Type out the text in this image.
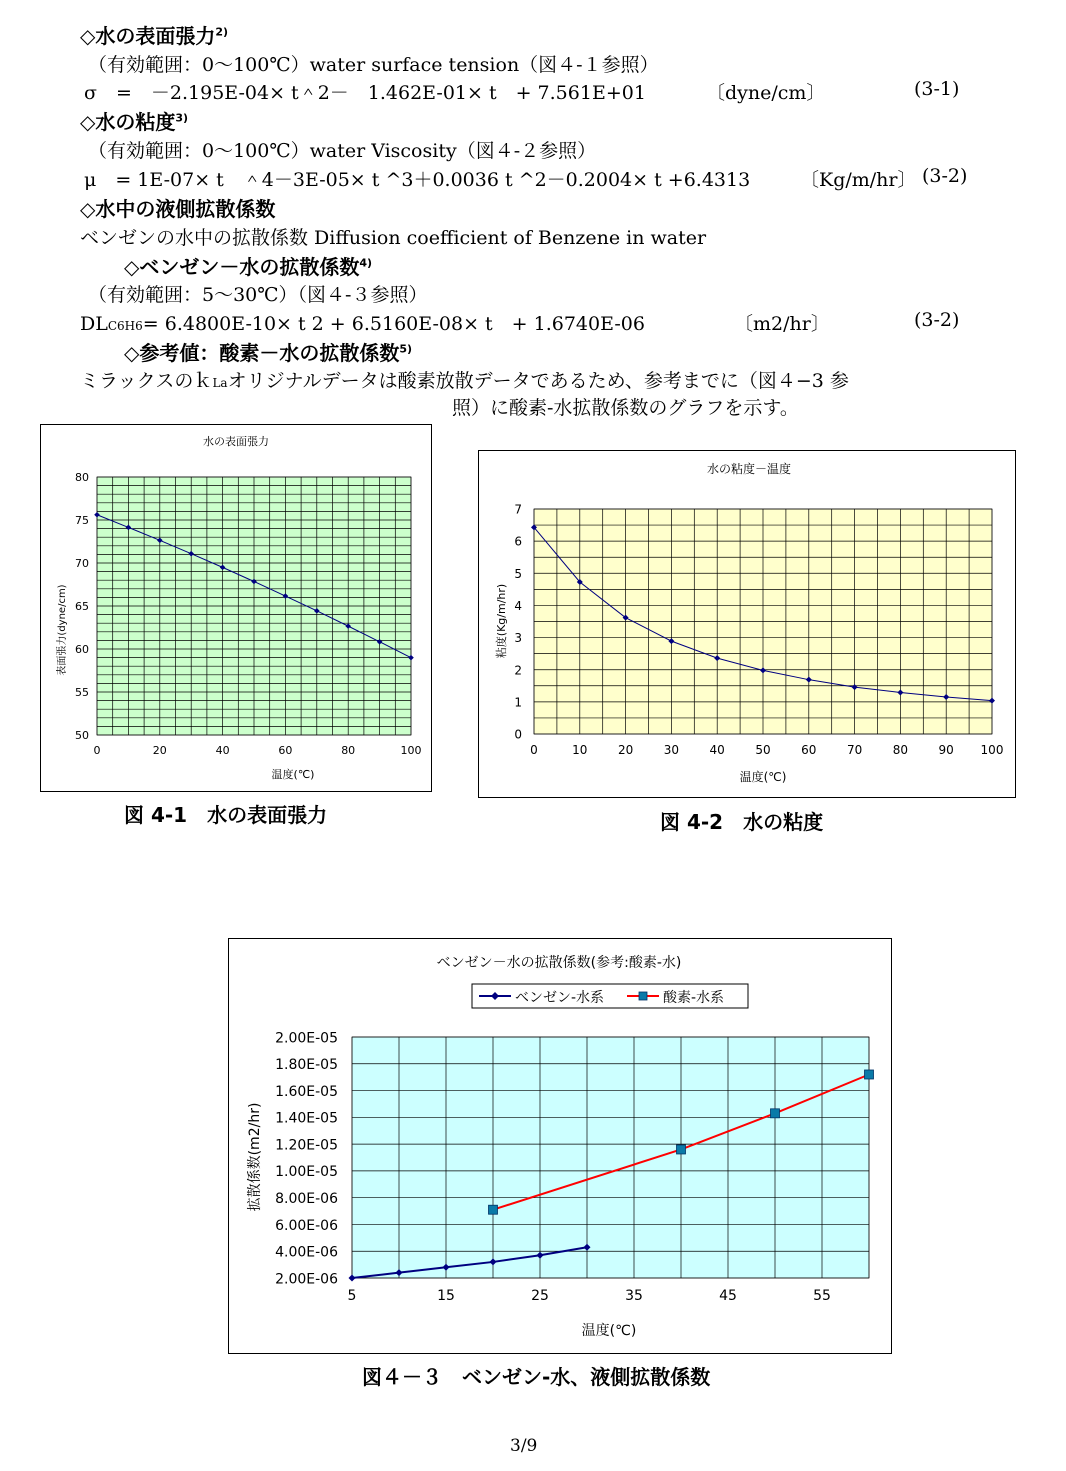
◇水の表面張力$^{2)}$
（有効範囲：0～100℃）water surface tension（図４-１参照）
σ　=　－2.195E-04× t＾2－　1.462E-01× t　+ 7.561E+01	〔dyne/cm〕	(3-1)
◇水の粘度$^{3)}$
（有効範囲：0～100℃）water Viscosity（図４-２参照）
μ　= 1E-07× t　＾4－3E-05× t ^3＋0.0036 t ^2－0.2004× t +6.4313	〔Kg/m/hr〕 (3-2)
◇水中の液側拡散係数
ベンゼンの水中の拡散係数 Diffusion coefficient of Benzene in water
◇ベンゼン－水の拡散係数$^{4)}$
（有効範囲：5～30℃）（図４-３参照）
DLC6H6= 6.4800E-10× t 2 + 6.5160E-08× t　+ 1.6740E-06	〔m2/hr〕	(3-2)
◇参考値：酸素－水の拡散係数$^{5)}$
ミラックスのｋLaオリジナルデータは酸素放散データであるため、参考までに（図４−3 参
照）に酸素-水拡散係数のグラフを示す。
水の表面張力
温度(℃)
表面張力(dyne/cm)
0	20	40	60	80	100
50
55
60
65
70
75
80
図 4-1　水の表面張力
水の粘度－温度
温度(℃)
粘度(Kg/m/hr)
0	10	20	30	40	50	60	70	80	90 100
0
1
2
3
4
5
6
7
図 4-2　水の粘度
ベンゼン－水の拡散係数(参考:酸素-水)
ベンゼン-水系	酸素-水系
温度(℃)
拡散係数(m2/hr)
5	15	25	35	45	55
2.00E-06
4.00E-06
6.00E-06
8.00E-06
1.00E-05
1.20E-05
1.40E-05
1.60E-05
1.80E-05
2.00E-05
図４－３　ベンゼン-水、液側拡散係数
3/9
